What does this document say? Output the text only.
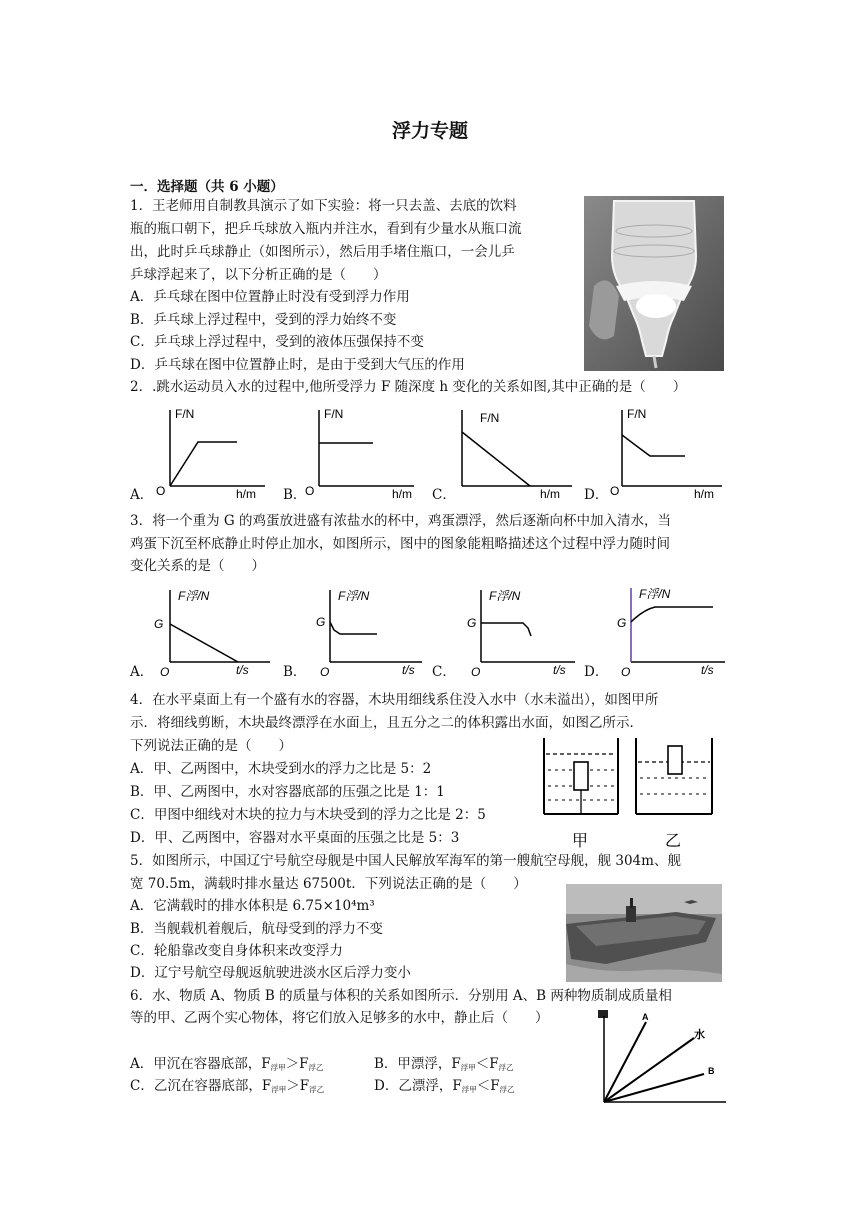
浮力专题
一．选择题（共 6 小题）
1．王老师用自制教具演示了如下实验：将一只去盖、去底的饮料
瓶的瓶口朝下，把乒乓球放入瓶内并注水，看到有少量水从瓶口流
出，此时乒乓球静止（如图所示），然后用手堵住瓶口，一会儿乒
乒球浮起来了，以下分析正确的是（　　）
A．乒乓球在图中位置静止时没有受到浮力作用
B．乒乓球上浮过程中，受到的浮力始终不变
C．乒乓球上浮过程中，受到的液体压强保持不变
D．乒乓球在图中位置静止时，是由于受到大气压的作用
2．.跳水运动员入水的过程中,他所受浮力 F 随深度 h 变化的关系如图,其中正确的是（　　）
A．	B．	C．	D．
F/N
O	h/m
F/N
O	h/m
F/N
h/m
F/N
O	h/m
3．将一个重为 G 的鸡蛋放进盛有浓盐水的杯中，鸡蛋漂浮，然后逐渐向杯中加入清水，当
鸡蛋下沉至杯底静止时停止加水，如图所示，图中的图象能粗略描述这个过程中浮力随时间
变化关系的是（　　）
A．	B．	C．	D．
F浮/N
G
O	t/s
F浮/N
G
O	t/s
F浮/N
G
O	t/s
F浮/N
G
O	t/s
4．在水平桌面上有一个盛有水的容器，木块用细线系住没入水中（水未溢出），如图甲所
示．将细线剪断，木块最终漂浮在水面上，且五分之二的体积露出水面，如图乙所示．
下列说法正确的是（　　）
A．甲、乙两图中，木块受到水的浮力之比是 5：2
B．甲、乙两图中，水对容器底部的压强之比是 1：1
C．甲图中细线对木块的拉力与木块受到的浮力之比是 2：5
D．甲、乙两图中，容器对水平桌面的压强之比是 5：3	甲	乙
5．如图所示，中国辽宁号航空母舰是中国人民解放军海军的第一艘航空母舰，舰 304m、舰
宽 70.5m，满载时排水量达 67500t．下列说法正确的是（　　）
A．它满载时的排水体积是 6.75×10⁴m³
B．当舰载机着舰后，航母受到的浮力不变
C．轮船靠改变自身体积来改变浮力
D．辽宁号航空母舰返航驶进淡水区后浮力变小
6．水、物质 A、物质 B 的质量与体积的关系如图所示．分别用 A、B 两种物质制成质量相
等的甲、乙两个实心物体，将它们放入足够多的水中，静止后（　　）
A．甲沉在容器底部，$F_{浮甲}>F_{浮乙}$	B．甲漂浮，$F_{浮甲}<F_{浮乙}$
C．乙沉在容器底部，$F_{浮甲}>F_{浮乙}$	D．乙漂浮，$F_{浮甲}<F_{浮乙}$
A
水
B
